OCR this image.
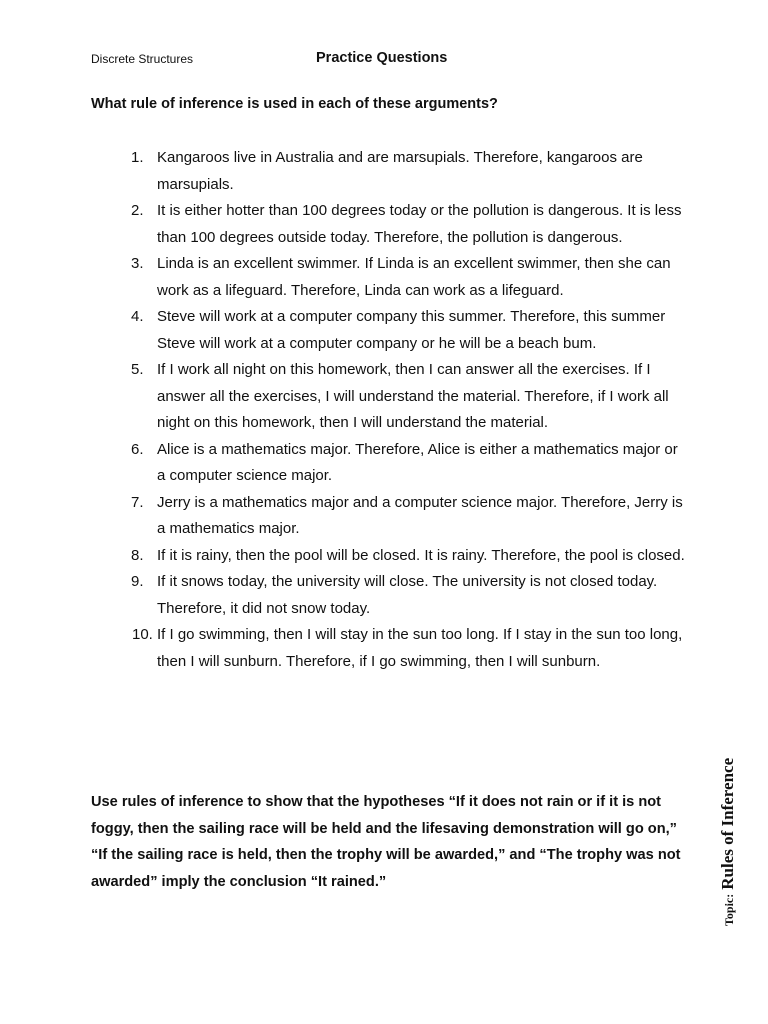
Discrete Structures	Practice Questions
What rule of inference is used in each of these arguments?
1. Kangaroos live in Australia and are marsupials. Therefore, kangaroos are marsupials.
2. It is either hotter than 100 degrees today or the pollution is dangerous. It is less than 100 degrees outside today. Therefore, the pollution is dangerous.
3. Linda is an excellent swimmer. If Linda is an excellent swimmer, then she can work as a lifeguard. Therefore, Linda can work as a lifeguard.
4. Steve will work at a computer company this summer. Therefore, this summer Steve will work at a computer company or he will be a beach bum.
5. If I work all night on this homework, then I can answer all the exercises. If I answer all the exercises, I will understand the material. Therefore, if I work all night on this homework, then I will understand the material.
6. Alice is a mathematics major. Therefore, Alice is either a mathematics major or a computer science major.
7. Jerry is a mathematics major and a computer science major. Therefore, Jerry is a mathematics major.
8. If it is rainy, then the pool will be closed. It is rainy. Therefore, the pool is closed.
9. If it snows today, the university will close. The university is not closed today. Therefore, it did not snow today.
10. If I go swimming, then I will stay in the sun too long. If I stay in the sun too long, then I will sunburn. Therefore, if I go swimming, then I will sunburn.
Use rules of inference to show that the hypotheses “If it does not rain or if it is not foggy, then the sailing race will be held and the lifesaving demonstration will go on,” “If the sailing race is held, then the trophy will be awarded,” and “The trophy was not awarded” imply the conclusion “It rained.”
Topic: Rules of Inference
